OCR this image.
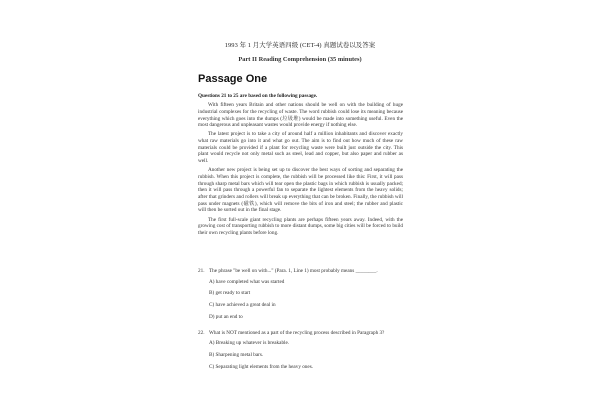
1993 年 1 月大学英语四级 (CET-4) 真题试卷以及答案
Part II Reading Comprehension (35 minutes)
Passage One
Questions 21 to 25 are based on the following passage.

With fifteen years Britain and other nations should be well on with the building of huge industrial complexes for the recycling of waste. The word rubbish could lose its meaning because everything which goes into the dumps (垃圾堆) would be made into something useful. Even the most dangerous and unpleasant wastes would provide energy if nothing else.

The latest project is to take a city of around half a million inhabitants and discover exactly what raw materials go into it and what go out. The aim is to find out how much of these raw materials could be provided if a plant for recycling waste were built just outside the city. This plant would recycle not only metal such as steel, lead and copper, but also paper and rubber as well.

Another new project is being set up to discover the best ways of sorting and separating the rubbish. When this project is complete, the rubbish will be processed like this: First, it will pass through sharp metal bars which will tear open the plastic bags in which rubbish is usually packed; then it will pass through a powerful fan to separate the lightest elements from the heavy solids; after that grinders and rollers will break up everything that can be broken. Finally, the rubbish will pass under magnets (磁铁), which will remove the bits of iron and steel; the rubber and plastic will then be sorted out in the final stage.

The first full-scale giant recycling plants are perhaps fifteen years away. Indeed, with the growing cost of transporting rubbish to more distant dumps, some big cities will be forced to build their own recycling plants before long.

21. The phrase "be well on with..." (Para. 1, Line 1) most probably means ________.
A) have completed what was started
B) get ready to start
C) have achieved a great deal in
D) put an end to
22. What is NOT mentioned as a part of the recycling process described in Paragraph 3?
A) Breaking up whatever is breakable.
B) Sharpening metal bars.
C) Separating light elements from the heavy ones.
